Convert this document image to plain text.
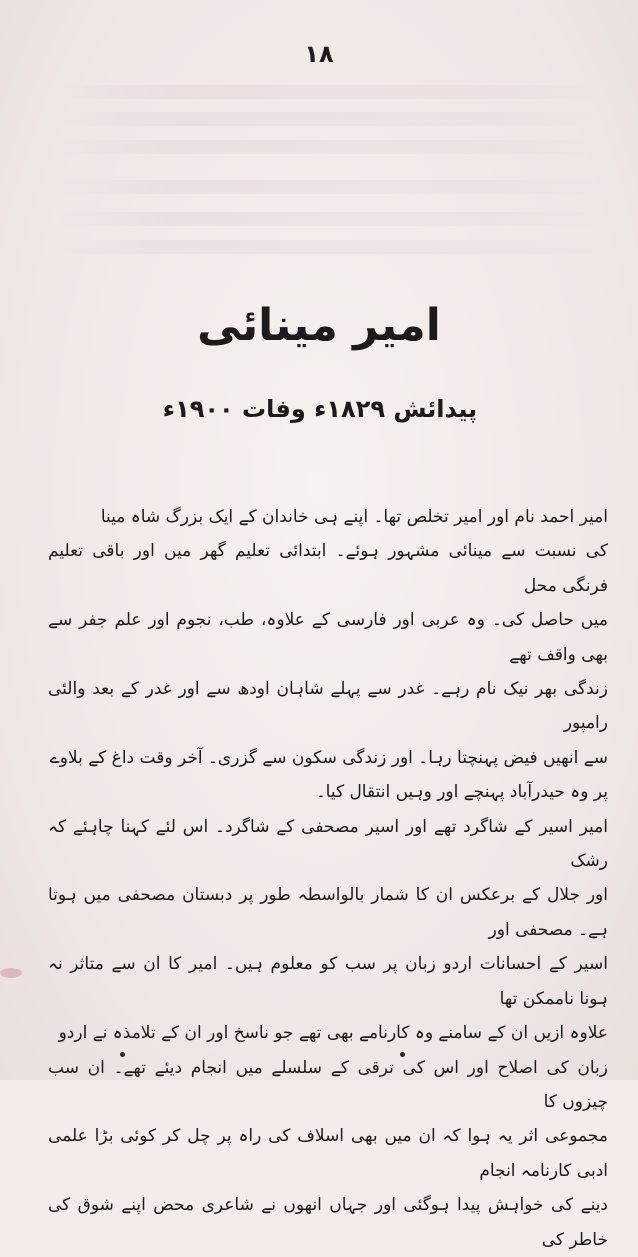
۱۸
امیر مینائی
پیدائش ۱۸۲۹ء وفات ۱۹۰۰ء
امیر احمد نام اور امیر تخلص تھا۔ اپنے ہی خاندان کے ایک بزرگ شاہ مینا
کی نسبت سے مینائی مشہور ہوئے۔ ابتدائی تعلیم گھر میں اور باقی تعلیم فرنگی محل
میں حاصل کی۔ وہ عربی اور فارسی کے علاوہ، طب، نجوم اور علم جفر سے بھی واقف تھے
زندگی بھر نیک نام رہے۔ غدر سے پہلے شاہان اودھ سے اور غدر کے بعد والئی رامپور
سے انھیں فیض پہنچتا رہا۔ اور زندگی سکون سے گزری۔ آخر وقت داغ کے بلاوے
پر وہ حیدرآباد پہنچے اور وہیں انتقال کیا۔
امیر اسیر کے شاگرد تھے اور اسیر مصحفی کے شاگرد۔ اس لئے کہنا چاہئے کہ رشک
اور جلال کے برعکس ان کا شمار بالواسطہ طور پر دبستان مصحفی میں ہوتا ہے۔ مصحفی اور
اسیر کے احسانات اردو زبان پر سب کو معلوم ہیں۔ امیر کا ان سے متاثر نہ ہونا ناممکن تھا
علاوہ ازیں ان کے سامنے وہ کارنامے بھی تھے جو ناسخ اور ان کے تلامذہ نے اردو
زبان کی اصلاح اور اس کی ترقی کے سلسلے میں انجام دیئے تھے۔ ان سب چیزوں کا
مجموعی اثر یہ ہوا کہ ان میں بھی اسلاف کی راہ پر چل کر کوئی بڑا علمی ادبی کارنامہ انجام
دینے کی خواہش پیدا ہوگئی اور جہاں انھوں نے شاعری محض اپنے شوق کی خاطر کی
